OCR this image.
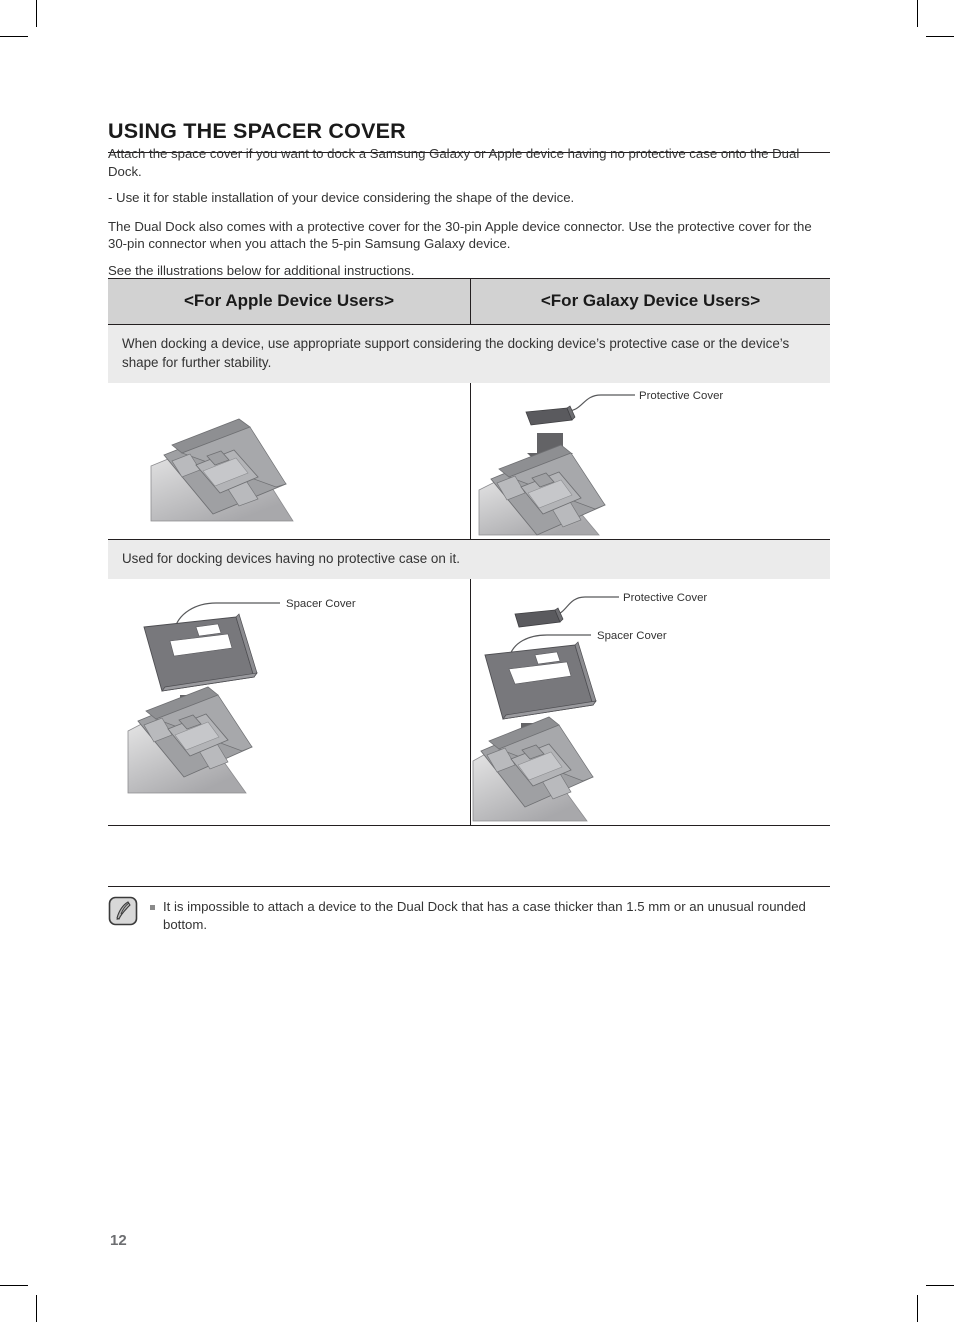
USING THE SPACER COVER

Attach the space cover if you want to dock a Samsung Galaxy or Apple device having no protective case onto the Dual Dock.

- Use it for stable installation of your device considering the shape of the device.

The Dual Dock also comes with a protective cover for the 30-pin Apple device connector. Use the protective cover for the 30-pin connector when you attach the 5-pin Samsung Galaxy device.

See the illustrations below for additional instructions.

<For Apple Device Users>	<For Galaxy Device Users>
When docking a device, use appropriate support considering the docking device’s protective case or the device’s shape for further stability.
Protective Cover
Used for docking devices having no protective case on it.
Spacer Cover	Protective Cover
Spacer Cover
It is impossible to attach a device to the Dual Dock that has a case thicker than 1.5 mm or an unusual rounded bottom.
12
